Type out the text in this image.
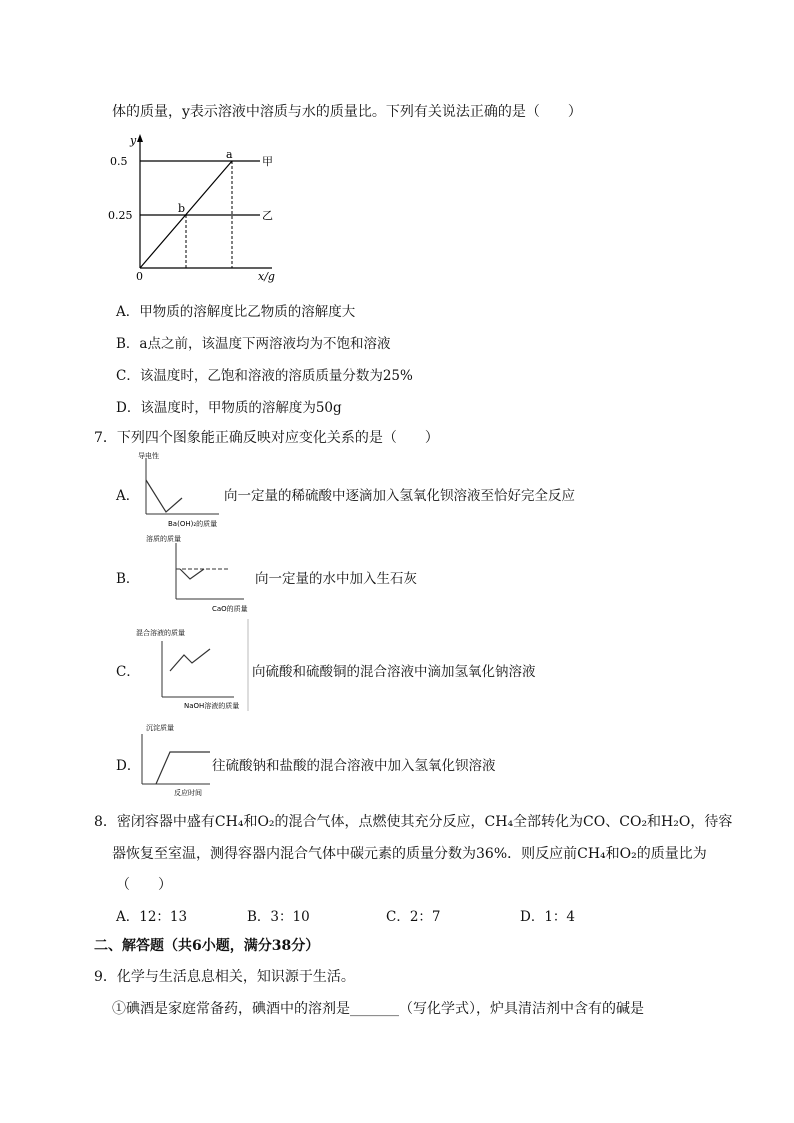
体的质量，y表示溶液中溶质与水的质量比。下列有关说法正确的是（　　）
y
0.5
0.25
0	x/g
a
b
甲
乙
A．甲物质的溶解度比乙物质的溶解度大
B．a点之前，该温度下两溶液均为不饱和溶液
C．该温度时，乙饱和溶液的溶质质量分数为25%
D．该温度时，甲物质的溶解度为50g
7．下列四个图象能正确反映对应变化关系的是（　　）
A．
导电性
Ba(OH)₂的质量
向一定量的稀硫酸中逐滴加入氢氧化钡溶液至恰好完全反应
B．
溶质的质量
CaO的质量
向一定量的水中加入生石灰
C．
混合溶液的质量
NaOH溶液的质量
向硫酸和硫酸铜的混合溶液中滴加氢氧化钠溶液
D．
沉淀质量
反应时间
往硫酸钠和盐酸的混合溶液中加入氢氧化钡溶液
8．密闭容器中盛有CH₄和O₂的混合气体，点燃使其充分反应，CH₄全部转化为CO、CO₂和H₂O，待容
器恢复至室温，测得容器内混合气体中碳元素的质量分数为36%．则反应前CH₄和O₂的质量比为
（　　）
A．12：13	B．3：10	C．2：7	D．1：4
二、解答题（共6小题，满分38分）
9．化学与生活息息相关，知识源于生活。
①碘酒是家庭常备药，碘酒中的溶剂是_______（写化学式），炉具清洁剂中含有的碱是
